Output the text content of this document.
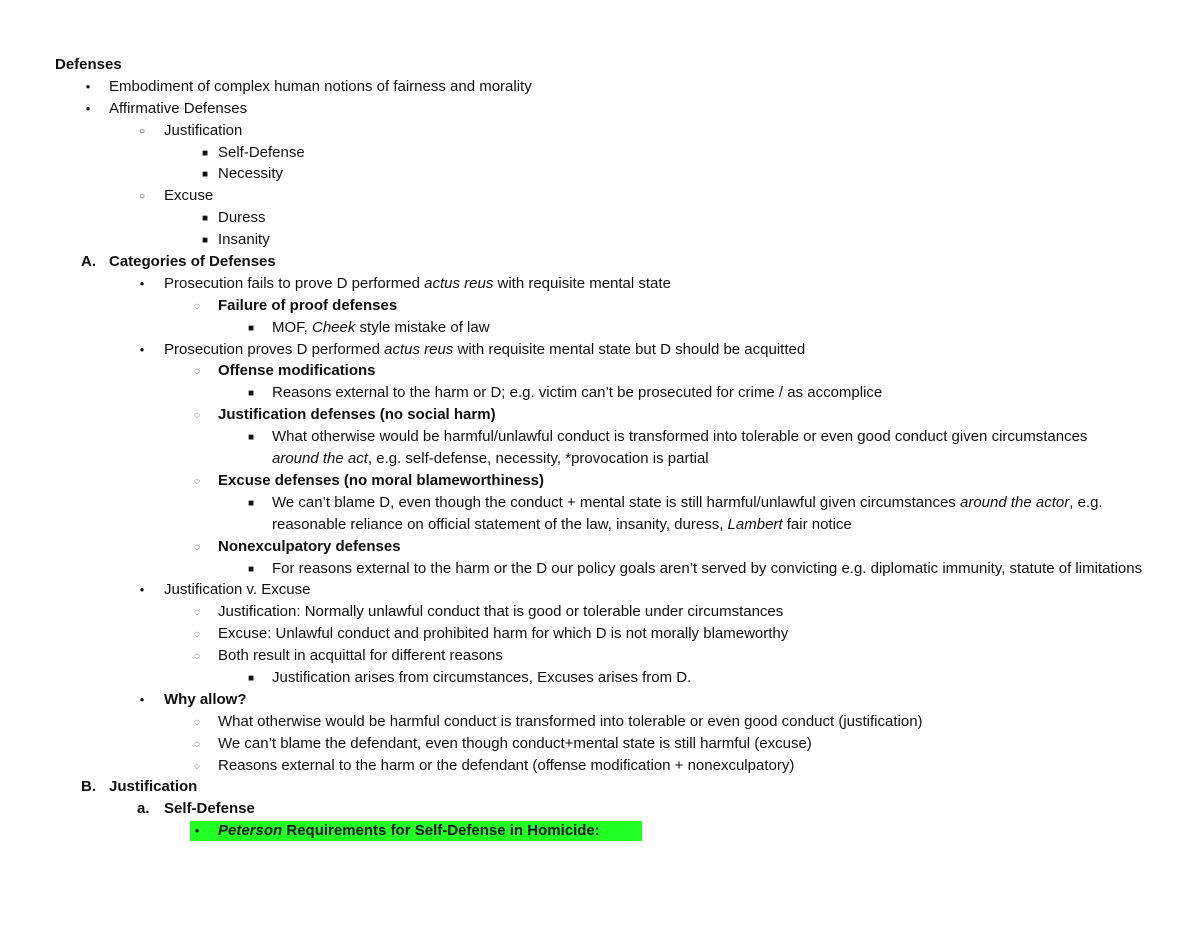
Defenses
●
Embodiment of complex human notions of fairness and morality
●
Affirmative Defenses
○
Justification
■
Self-Defense
■
Necessity
○
Excuse
■
Duress
■
Insanity
A. Categories of Defenses
●
Prosecution fails to prove D performed actus reus with requisite mental state
◌
Failure of proof defenses
■
MOF, Cheek style mistake of law
●
Prosecution proves D performed actus reus with requisite mental state but D should be acquitted
◌
Offense modifications
■
Reasons external to the harm or D; e.g. victim can’t be prosecuted for crime / as accomplice
◌
Justification defenses (no social harm)
■
What otherwise would be harmful/unlawful conduct is transformed into tolerable or even good conduct given circumstances around the act, e.g. self-defense, necessity, *provocation is partial
◌
Excuse defenses (no moral blameworthiness)
■
We can’t blame D, even though the conduct + mental state is still harmful/unlawful given circumstances around the actor, e.g. reasonable reliance on official statement of the law, insanity, duress, Lambert fair notice
◌
Nonexculpatory defenses
■
For reasons external to the harm or the D our policy goals aren’t served by convicting e.g. diplomatic immunity, statute of limitations
●
Justification v. Excuse
◌
Justification: Normally unlawful conduct that is good or tolerable under circumstances
◌
Excuse: Unlawful conduct and prohibited harm for which D is not morally blameworthy
◌
Both result in acquittal for different reasons
■
Justification arises from circumstances, Excuses arises from D.
●
Why allow?
◌
What otherwise would be harmful conduct is transformed into tolerable or even good conduct (justification)
◌
We can’t blame the defendant, even though conduct+mental state is still harmful (excuse)
◌
Reasons external to the harm or the defendant (offense modification + nonexculpatory)
B. Justification
a. Self-Defense
●
Peterson Requirements for Self-Defense in Homicide:
